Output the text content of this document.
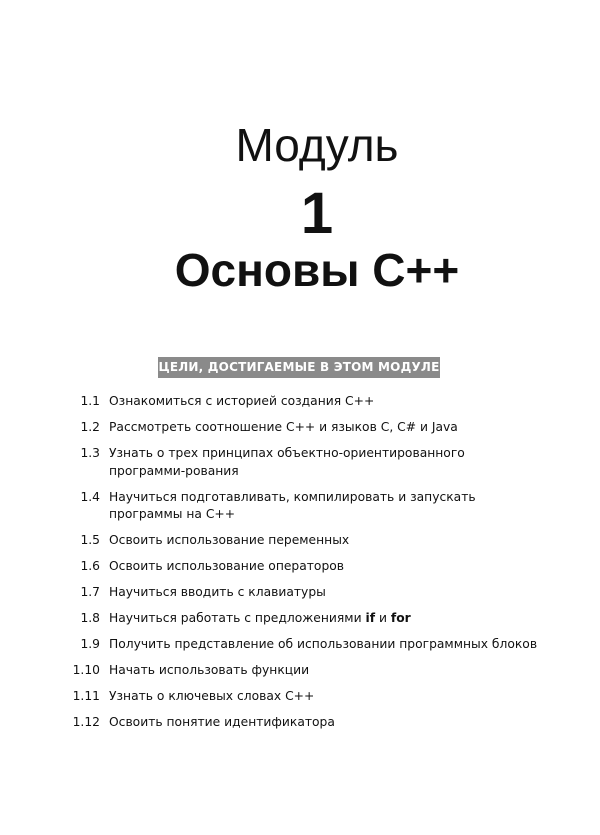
Модуль
1
Основы C++
ЦЕЛИ, ДОСТИГАЕМЫЕ В ЭТОМ МОДУЛЕ
1.1 Ознакомиться с историей создания C++
1.2 Рассмотреть соотношение C++ и языков C, C# и Java
1.3 Узнать о трех принципах объектно-ориентированного программи-рования
1.4 Научиться подготавливать, компилировать и запускать программы на C++
1.5 Освоить использование переменных
1.6 Освоить использование операторов
1.7 Научиться вводить с клавиатуры
1.8 Научиться работать с предложениями if и for
1.9 Получить представление об использовании программных блоков
1.10 Начать использовать функции
1.11 Узнать о ключевых словах C++
1.12 Освоить понятие идентификатора
